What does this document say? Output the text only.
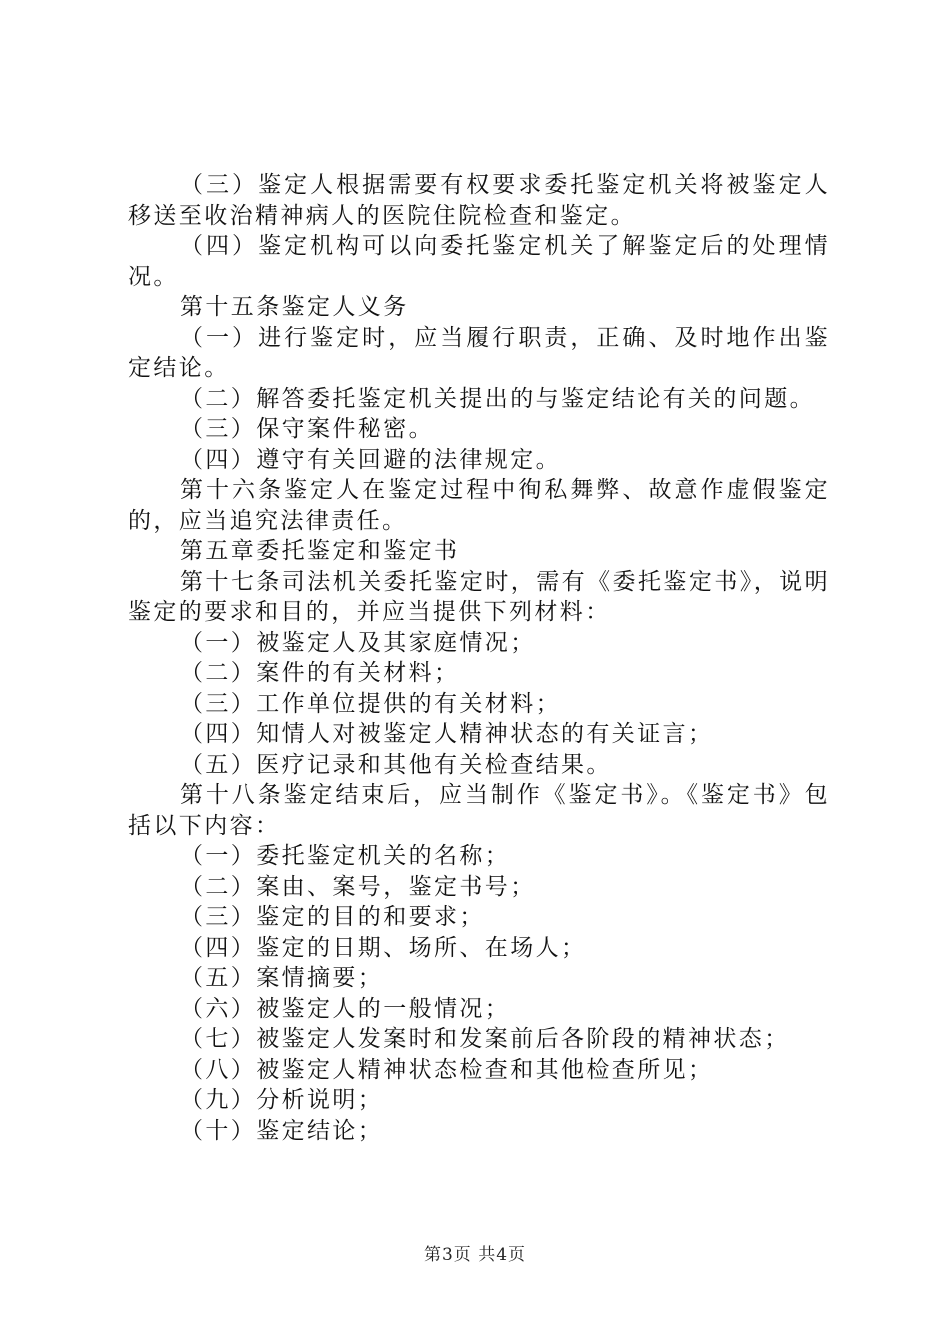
（三）鉴定人根据需要有权要求委托鉴定机关将被鉴定人移送至收治精神病人的医院住院检查和鉴定。

（四）鉴定机构可以向委托鉴定机关了解鉴定后的处理情况。

第十五条鉴定人义务

（一）进行鉴定时，应当履行职责，正确、及时地作出鉴定结论。

（二）解答委托鉴定机关提出的与鉴定结论有关的问题。

（三）保守案件秘密。

（四）遵守有关回避的法律规定。

第十六条鉴定人在鉴定过程中徇私舞弊、故意作虚假鉴定的，应当追究法律责任。

第五章委托鉴定和鉴定书

第十七条司法机关委托鉴定时，需有《委托鉴定书》，说明鉴定的要求和目的，并应当提供下列材料：

（一）被鉴定人及其家庭情况；

（二）案件的有关材料；

（三）工作单位提供的有关材料；

（四）知情人对被鉴定人精神状态的有关证言；

（五）医疗记录和其他有关检查结果。

第十八条鉴定结束后，应当制作《鉴定书》。《鉴定书》包括以下内容：

（一）委托鉴定机关的名称；

（二）案由、案号，鉴定书号；

（三）鉴定的目的和要求；

（四）鉴定的日期、场所、在场人；

（五）案情摘要；

（六）被鉴定人的一般情况；

（七）被鉴定人发案时和发案前后各阶段的精神状态；

（八）被鉴定人精神状态检查和其他检查所见；

（九）分析说明；

（十）鉴定结论；

第3页 共4页
